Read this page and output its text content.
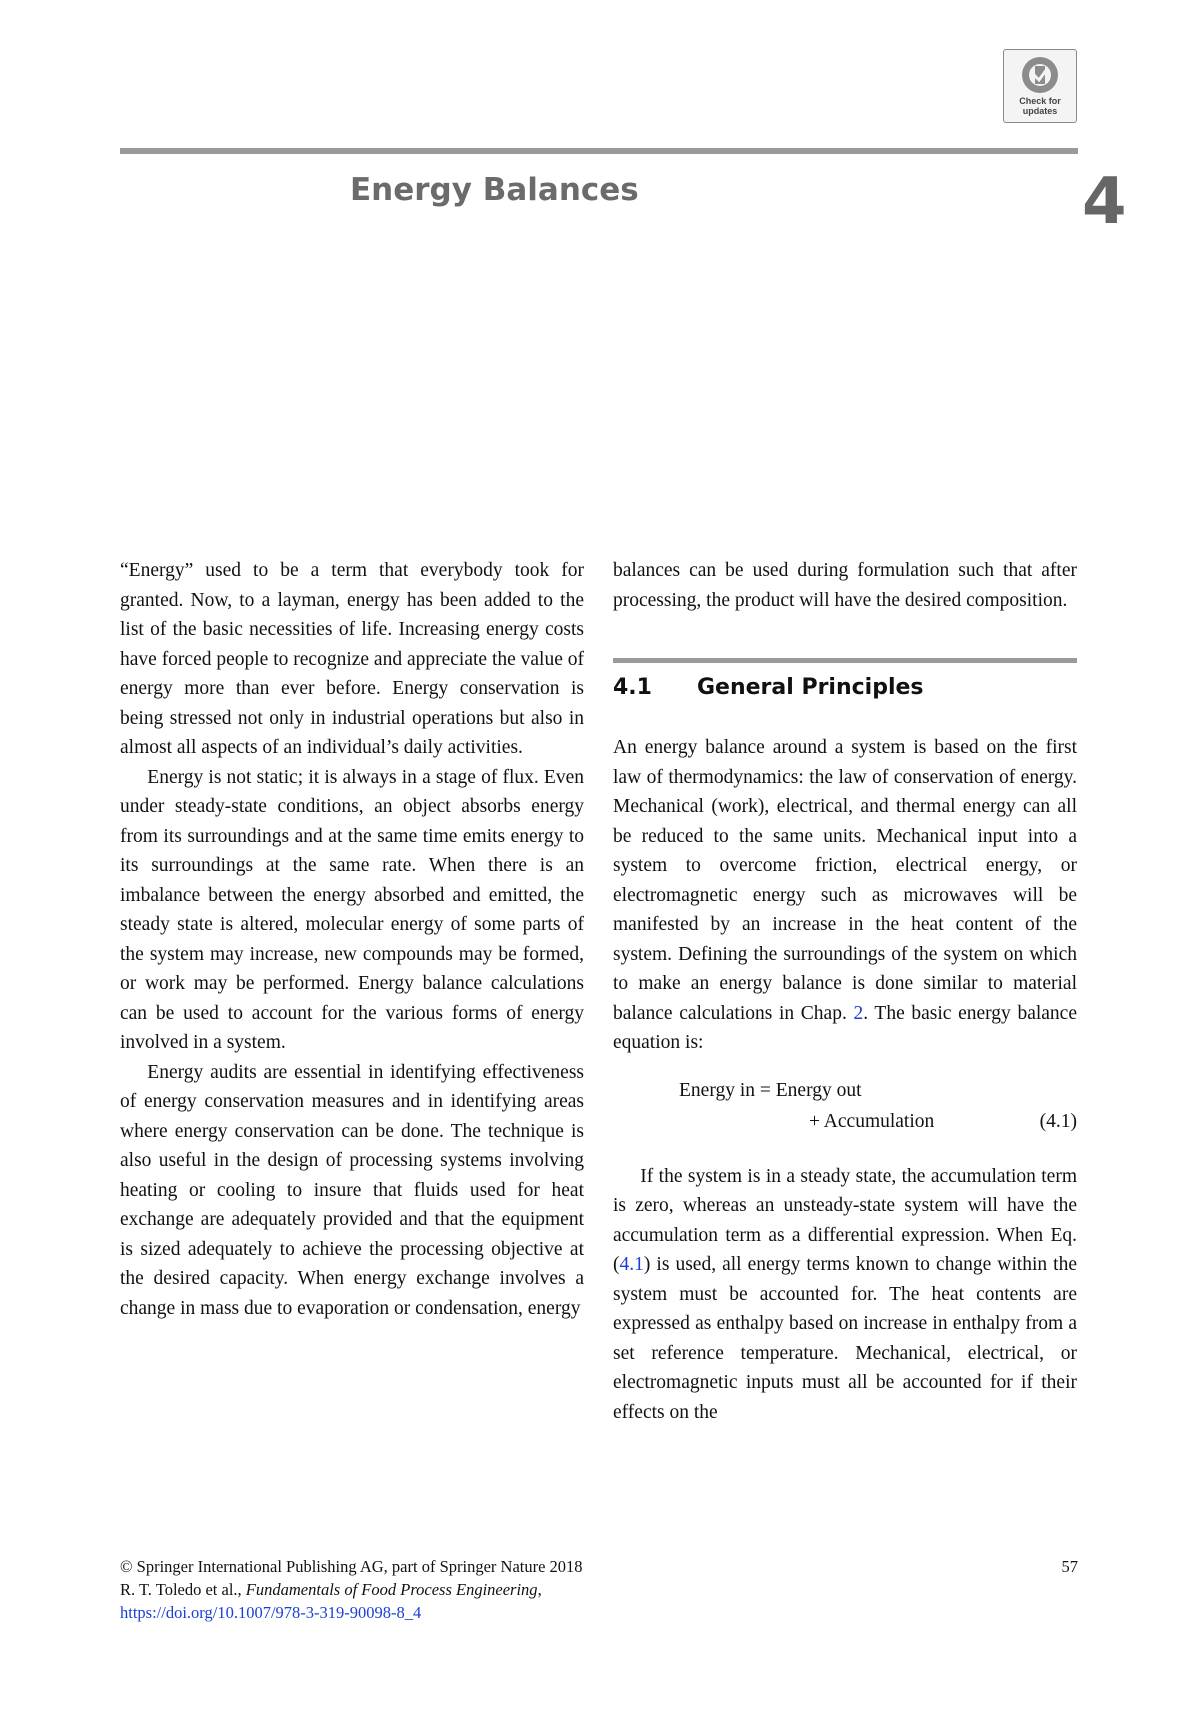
Check for updates
Energy Balances	4

“Energy” used to be a term that everybody took for granted. Now, to a layman, energy has been added to the list of the basic necessities of life. Increasing energy costs have forced people to recognize and appreciate the value of energy more than ever before. Energy conservation is being stressed not only in industrial operations but also in almost all aspects of an individual’s daily activities.

Energy is not static; it is always in a stage of flux. Even under steady-state conditions, an object absorbs energy from its surroundings and at the same time emits energy to its surroundings at the same rate. When there is an imbalance between the energy absorbed and emitted, the steady state is altered, molecular energy of some parts of the system may increase, new compounds may be formed, or work may be performed. Energy balance calculations can be used to account for the various forms of energy involved in a system.

Energy audits are essential in identifying effectiveness of energy conservation measures and in identifying areas where energy conservation can be done. The technique is also useful in the design of processing systems involving heating or cooling to insure that fluids used for heat exchange are adequately provided and that the equipment is sized adequately to achieve the processing objective at the desired capacity. When energy exchange involves a change in mass due to evaporation or condensation, energy

balances can be used during formulation such that after processing, the product will have the desired composition.

4.1 General Principles

An energy balance around a system is based on the first law of thermodynamics: the law of conservation of energy. Mechanical (work), electrical, and thermal energy can all be reduced to the same units. Mechanical input into a system to overcome friction, electrical energy, or electromagnetic energy such as microwaves will be manifested by an increase in the heat content of the system. Defining the surroundings of the system on which to make an energy balance is done similar to material balance calculations in Chap. 2. The basic energy balance equation is:

Energy in = Energy out
+ Accumulation	(4.1)

If the system is in a steady state, the accumulation term is zero, whereas an unsteady-state system will have the accumulation term as a differential expression. When Eq. (4.1) is used, all energy terms known to change within the system must be accounted for. The heat contents are expressed as enthalpy based on increase in enthalpy from a set reference temperature. Mechanical, electrical, or electromagnetic inputs must all be accounted for if their effects on the

© Springer International Publishing AG, part of Springer Nature 2018
R. T. Toledo et al., Fundamentals of Food Process Engineering,
https://doi.org/10.1007/978-3-319-90098-8_4
57
